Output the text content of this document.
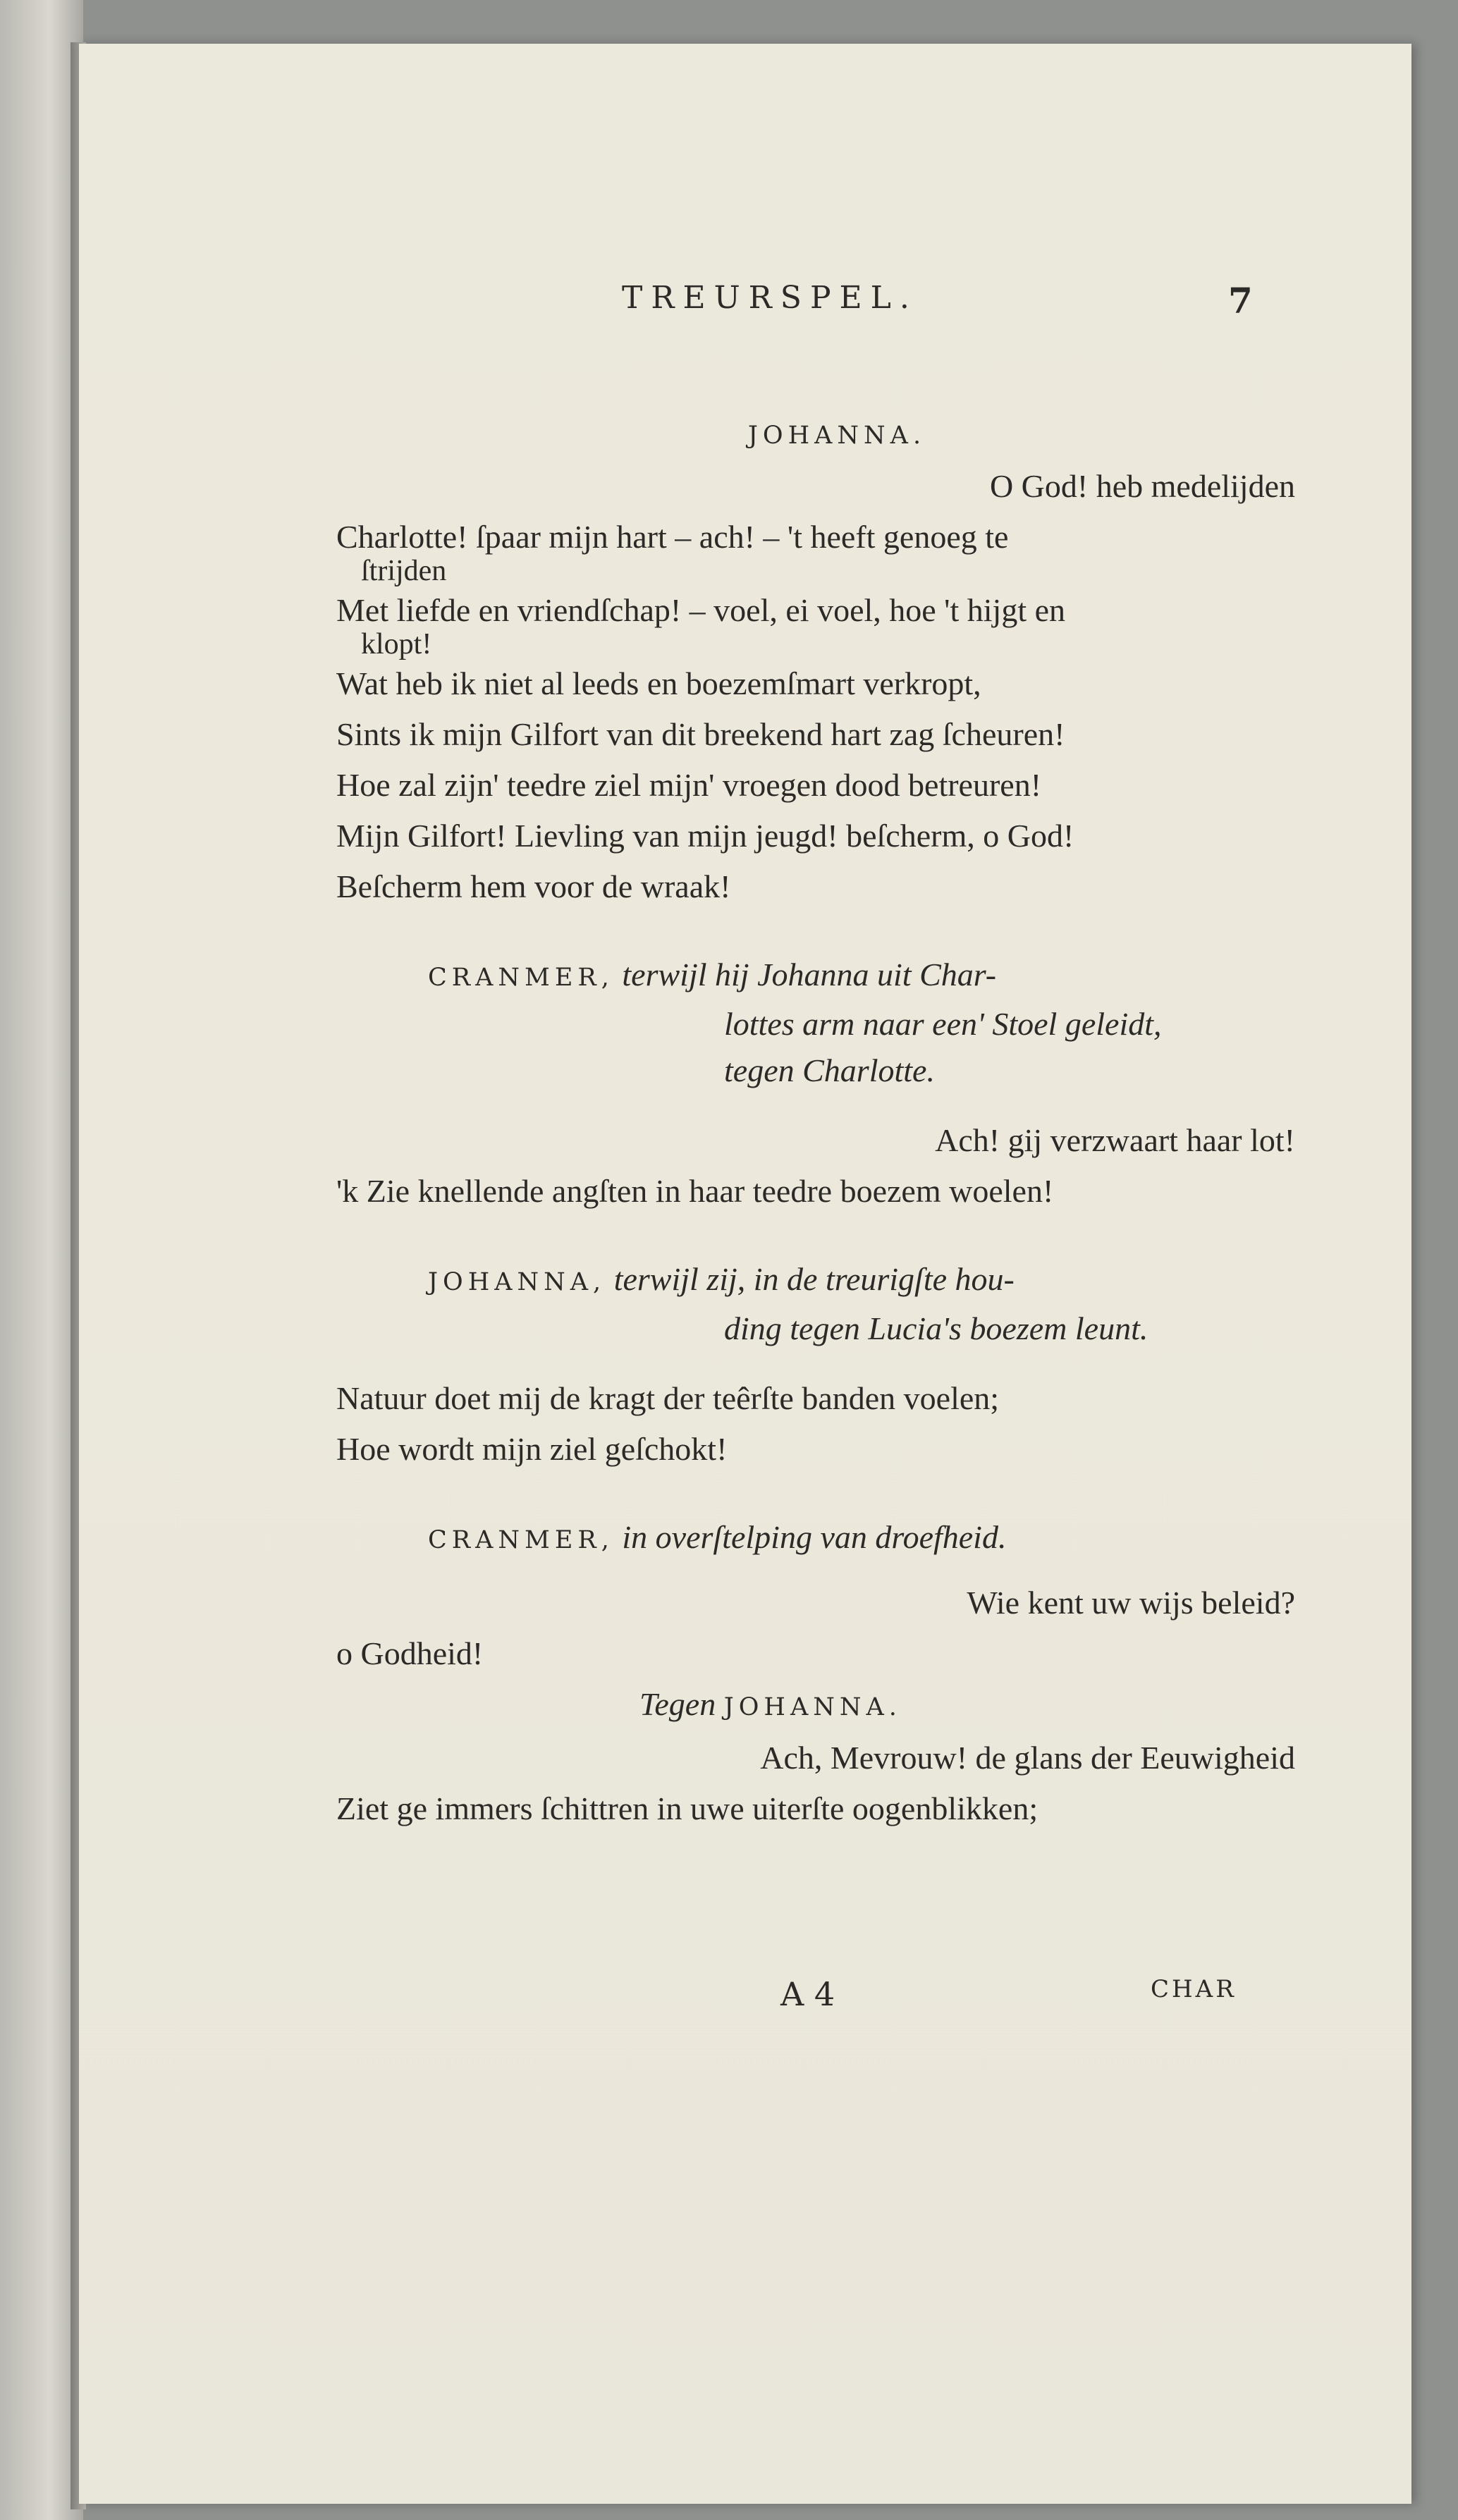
TREURSPEL.	7

JOHANNA.

O God! heb medelijden

Charlotte! ſpaar mijn hart – ach! – 't heeft genoeg te

ſtrijden

Met liefde en vriendſchap! – voel, ei voel, hoe 't hijgt en

klopt!

Wat heb ik niet al leeds en boezemſmart verkropt,

Sints ik mijn Gilfort van dit breekend hart zag ſcheuren!

Hoe zal zijn' teedre ziel mijn' vroegen dood betreuren!

Mijn Gilfort! Lievling van mijn jeugd! beſcherm, o God!

Beſcherm hem voor de wraak!

CRANMER, terwijl hij Johanna uit Char-
lottes arm naar een' Stoel geleidt,
tegen Charlotte.

Ach! gij verzwaart haar lot!

'k Zie knellende angſten in haar teedre boezem woelen!

JOHANNA, terwijl zij, in de treurigſte hou-
ding tegen Lucia's boezem leunt.

Natuur doet mij de kragt der teêrſte banden voelen;

Hoe wordt mijn ziel geſchokt!

CRANMER, in overſtelping van droefheid.

Wie kent uw wijs beleid?

o Godheid!

Tegen JOHANNA.

Ach, Mevrouw! de glans der Eeuwigheid

Ziet ge immers ſchittren in uwe uiterſte oogenblikken;

A 4	CHAR
